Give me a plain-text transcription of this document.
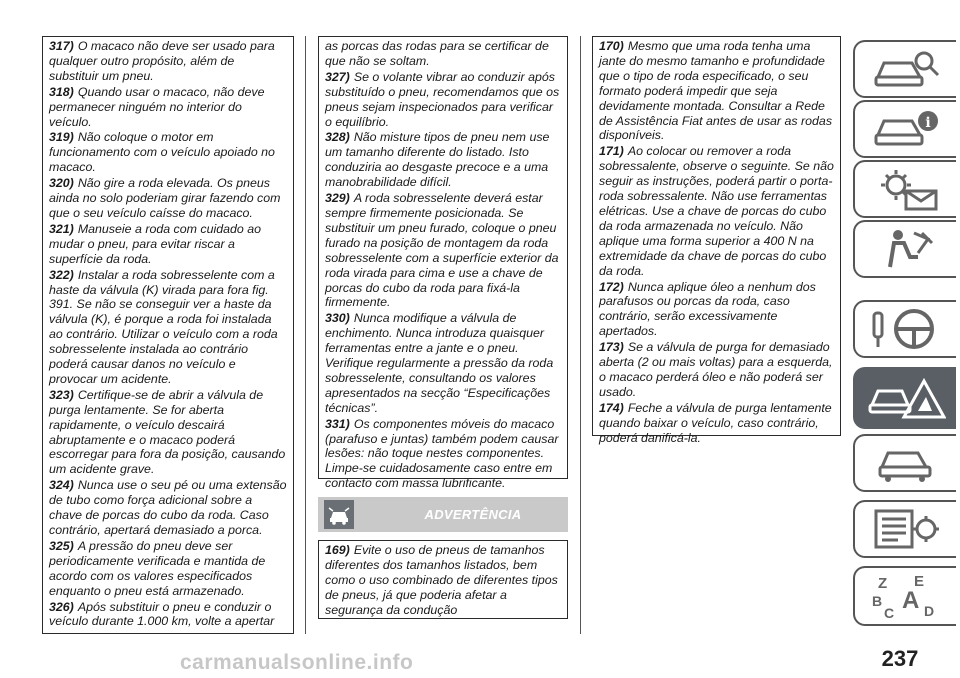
317) O macaco não deve ser usado para qualquer outro propósito, além de substituir um pneu.

318) Quando usar o macaco, não deve permanecer ninguém no interior do veículo.

319) Não coloque o motor em funcionamento com o veículo apoiado no macaco.

320) Não gire a roda elevada. Os pneus ainda no solo poderiam girar fazendo com que o seu veículo caísse do macaco.

321) Manuseie a roda com cuidado ao mudar o pneu, para evitar riscar a superfície da roda.

322) Instalar a roda sobresselente com a haste da válvula (K) virada para fora fig. 391. Se não se conseguir ver a haste da válvula (K), é porque a roda foi instalada ao contrário. Utilizar o veículo com a roda sobresselente instalada ao contrário poderá causar danos no veículo e provocar um acidente.

323) Certifique-se de abrir a válvula de purga lentamente. Se for aberta rapidamente, o veículo descairá abruptamente e o macaco poderá escorregar para fora da posição, causando um acidente grave.

324) Nunca use o seu pé ou uma extensão de tubo como força adicional sobre a chave de porcas do cubo da roda. Caso contrário, apertará demasiado a porca.

325) A pressão do pneu deve ser periodicamente verificada e mantida de acordo com os valores especificados enquanto o pneu está armazenado.

326) Após substituir o pneu e conduzir o veículo durante 1.000 km, volte a apertar

as porcas das rodas para se certificar de que não se soltam.

327) Se o volante vibrar ao conduzir após substituído o pneu, recomendamos que os pneus sejam inspecionados para verificar o equilíbrio.

328) Não misture tipos de pneu nem use um tamanho diferente do listado. Isto conduziria ao desgaste precoce e a uma manobrabilidade difícil.

329) A roda sobresselente deverá estar sempre firmemente posicionada. Se substituir um pneu furado, coloque o pneu furado na posição de montagem da roda sobresselente com a superfície exterior da roda virada para cima e use a chave de porcas do cubo da roda para fixá-la firmemente.

330) Nunca modifique a válvula de enchimento. Nunca introduza quaisquer ferramentas entre a jante e o pneu. Verifique regularmente a pressão da roda sobresselente, consultando os valores apresentados na secção “Especificações técnicas”.

331) Os componentes móveis do macaco (parafuso e juntas) também podem causar lesões: não toque nestes componentes. Limpe-se cuidadosamente caso entre em contacto com massa lubrificante.

ADVERTÊNCIA

169) Evite o uso de pneus de tamanhos diferentes dos tamanhos listados, bem como o uso combinado de diferentes tipos de pneus, já que poderia afetar a segurança da condução

170) Mesmo que uma roda tenha uma jante do mesmo tamanho e profundidade que o tipo de roda especificado, o seu formato poderá impedir que seja devidamente montada. Consultar a Rede de Assistência Fiat antes de usar as rodas disponíveis.

171) Ao colocar ou remover a roda sobressalente, observe o seguinte. Se não seguir as instruções, poderá partir o porta-roda sobressalente. Não use ferramentas elétricas. Use a chave de porcas do cubo da roda armazenada no veículo. Não aplique uma forma superior a 400 N na extremidade da chave de porcas do cubo da roda.

172) Nunca aplique óleo a nenhum dos parafusos ou porcas da roda, caso contrário, serão excessivamente apertados.

173) Se a válvula de purga for demasiado aberta (2 ou mais voltas) para a esquerda, o macaco perderá óleo e não poderá ser usado.

174) Feche a válvula de purga lentamente quando baixar o veículo, caso contrário, poderá danificá-la.

i
Z E
B A
C D
carmanualsonline.info	237
